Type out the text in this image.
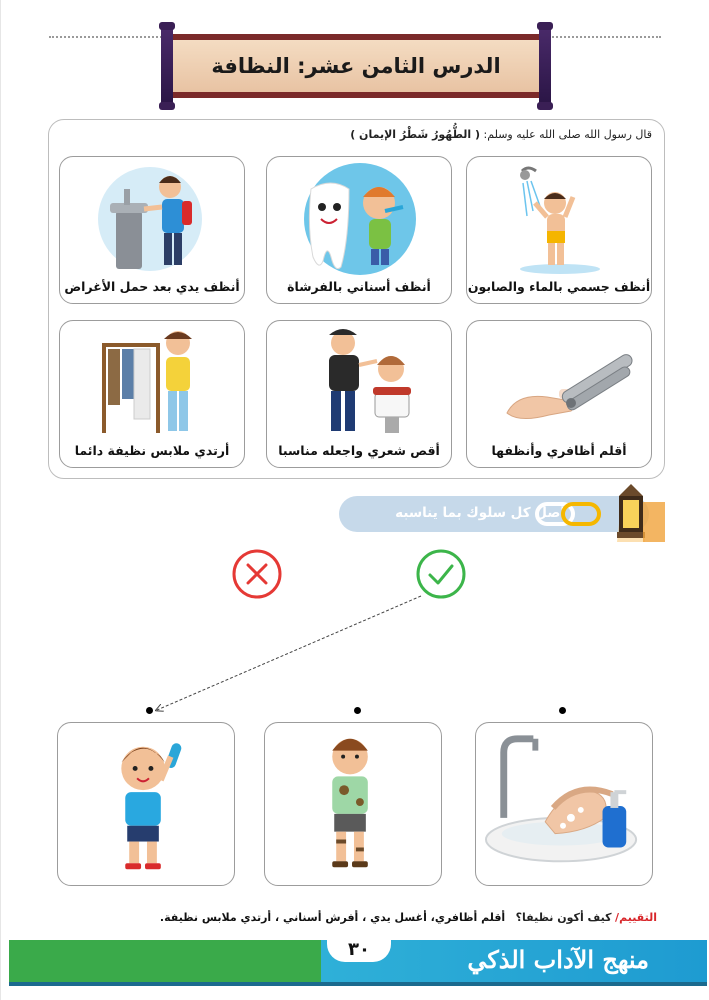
الدرس الثامن عشر: النظافة
قال رسول الله صلى الله عليه وسلم: ( الطُّهُورُ شَطْرُ الإيمان )
أنظف جسمي بالماء والصابون
أنظف أسناني بالفرشاة
أنظف يدي بعد حمل الأغراض
أقلم أظافري وأنظفها
أقص شعري واجعله مناسبا
أرتدي ملابس نظيفة دائما
أصل كل سلوك بما يناسبه
التقييم/ كيف أكون نظيفا؟   أقلم أظافري، أغسل يدي ، أفرش أسناني ، أرتدي ملابس نظيفة.
منهج الآداب الذكي
٣٠
